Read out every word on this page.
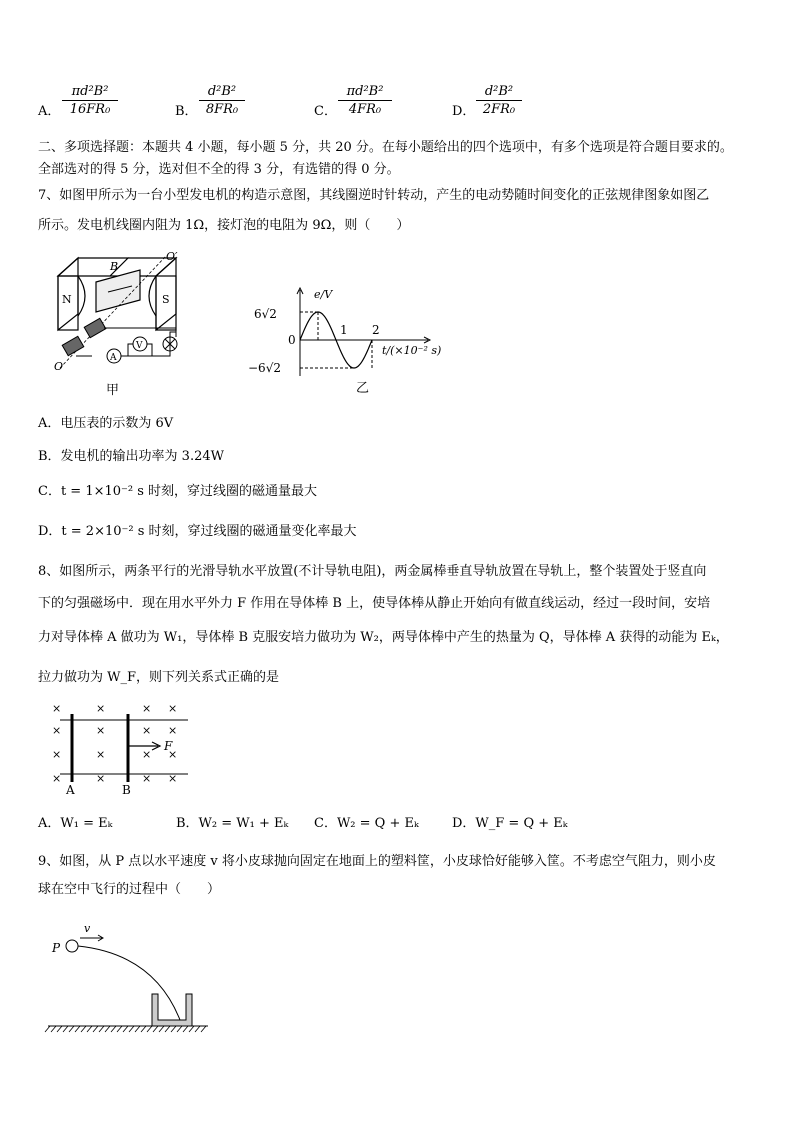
A． $\frac{\text{πd²B²}}{\text{16FR₀}}$	B． $\frac{\text{d²B²}}{\text{8FR₀}}$	C． $\frac{\text{πd²B²}}{\text{4FR₀}}$	D． $\frac{\text{d²B²}}{\text{2FR₀}}$
二、多项选择题：本题共 4 小题，每小题 5 分，共 20 分。在每小题给出的四个选项中，有多个选项是符合题目要求的。
全部选对的得 5 分，选对但不全的得 3 分，有选错的得 0 分。
7、如图甲所示为一台小型发电机的构造示意图，其线圈逆时针转动，产生的电动势随时间变化的正弦规律图象如图乙
所示。发电机线圈内阻为 1Ω，接灯泡的电阻为 9Ω，则（　　）
N	S
B
O′
O
A
V
甲
e/V
6√2
0
−6√2
1 2
t/(×10⁻² s)
乙
A．电压表的示数为 6V
B．发电机的输出功率为 3.24W
C．t = 1×10⁻² s 时刻，穿过线圈的磁通量最大
D．t = 2×10⁻² s 时刻，穿过线圈的磁通量变化率最大
8、如图所示，两条平行的光滑导轨水平放置(不计导轨电阻)，两金属棒垂直导轨放置在导轨上，整个装置处于竖直向
下的匀强磁场中．现在用水平外力 F 作用在导体棒 B 上，使导体棒从静止开始向有做直线运动，经过一段时间，安培
力对导体棒 A 做功为 W₁，导体棒 B 克服安培力做功为 W₂，两导体棒中产生的热量为 Q，导体棒 A 获得的动能为 Eₖ，
拉力做功为 W_F，则下列关系式正确的是
×
×
×
×
×
×
×
×
×
×
×
×
×
×
×
×
F
A	B
A．W₁ = Eₖ	B．W₂ = W₁ + Eₖ C．W₂ = Q + Eₖ	D．W_F = Q + Eₖ
9、如图，从 P 点以水平速度 v 将小皮球抛向固定在地面上的塑料筐，小皮球恰好能够入筐。不考虑空气阻力，则小皮
球在空中飞行的过程中（　　）
P
v
